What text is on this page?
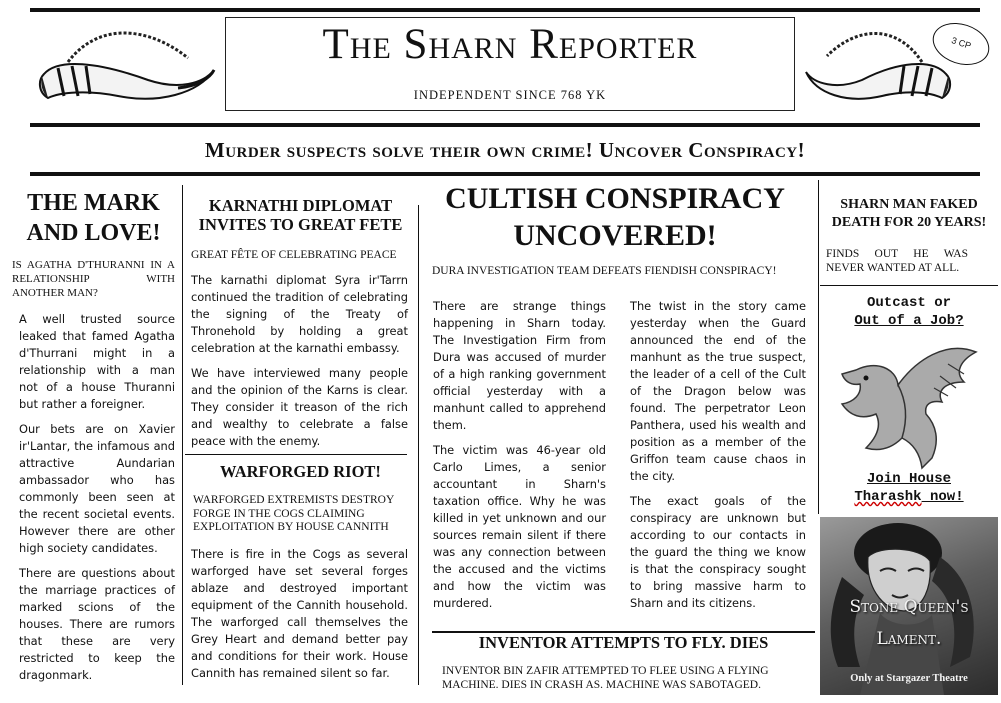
The Sharn Reporter
INDEPENDENT SINCE 768 YK
3 CP
Murder suspects solve their own crime! Uncover Conspiracy!
THE MARK AND LOVE!
IS AGATHA D'THURANNI IN A RELATIONSHIP WITH ANOTHER MAN?

A well trusted source leaked that famed Agatha d'Thurrani might in a relationship with a man not of a house Thuranni but rather a foreigner.

Our bets are on Xavier ir'Lantar, the infamous and attractive Aundarian ambassador who has commonly been seen at the recent societal events. However there are other high society candidates.

There are questions about the marriage practices of marked scions of the houses. There are rumors that these are very restricted to keep the dragonmark.

KARNATHI DIPLOMAT INVITES TO GREAT FETE
GREAT FÊTE OF CELEBRATING PEACE

The karnathi diplomat Syra ir'Tarrn continued the tradition of celebrating the signing of the Treaty of Thronehold by holding a great celebration at the karnathi embassy.

We have interviewed many people and the opinion of the Karns is clear. They consider it treason of the rich and wealthy to celebrate a false peace with the enemy.

WARFORGED RIOT!
WARFORGED EXTREMISTS DESTROY FORGE IN THE COGS CLAIMING EXPLOITATION BY HOUSE CANNITH
There is fire in the Cogs as several warforged have set several forges ablaze and destroyed important equipment of the Cannith household. The warforged call themselves the Grey Heart and demand better pay and conditions for their work. House Cannith has remained silent so far.
CULTISH CONSPIRACY UNCOVERED!
DURA INVESTIGATION TEAM DEFEATS FIENDISH CONSPIRACY!

There are strange things happening in Sharn today. The Investigation Firm from Dura was accused of murder of a high ranking government official yesterday with a manhunt called to apprehend them.

The victim was 46-year old Carlo Limes, a senior accountant in Sharn's taxation office. Why he was killed in yet unknown and our sources remain silent if there was any connection between the accused and the victims and how the victim was murdered.

The twist in the story came yesterday when the Guard announced the end of the manhunt as the true suspect, the leader of a cell of the Cult of the Dragon below was found. The perpetrator Leon Panthera, used his wealth and position as a member of the Griffon team cause chaos in the city.

The exact goals of the conspiracy are unknown but according to our contacts in the guard the thing we know is that the conspiracy sought to bring massive harm to Sharn and its citizens.

INVENTOR ATTEMPTS TO FLY. DIES
INVENTOR BIN ZAFIR ATTEMPTED TO FLEE USING A FLYING MACHINE. DIES IN CRASH AS. MACHINE WAS SABOTAGED.
SHARN MAN FAKED DEATH FOR 20 YEARS!
FINDS OUT HE WAS NEVER WANTED AT ALL.
Outcast or
Out of a Job?
Join House
Tharashk now!
Stone Queen's
Lament.
Only at Stargazer Theatre
